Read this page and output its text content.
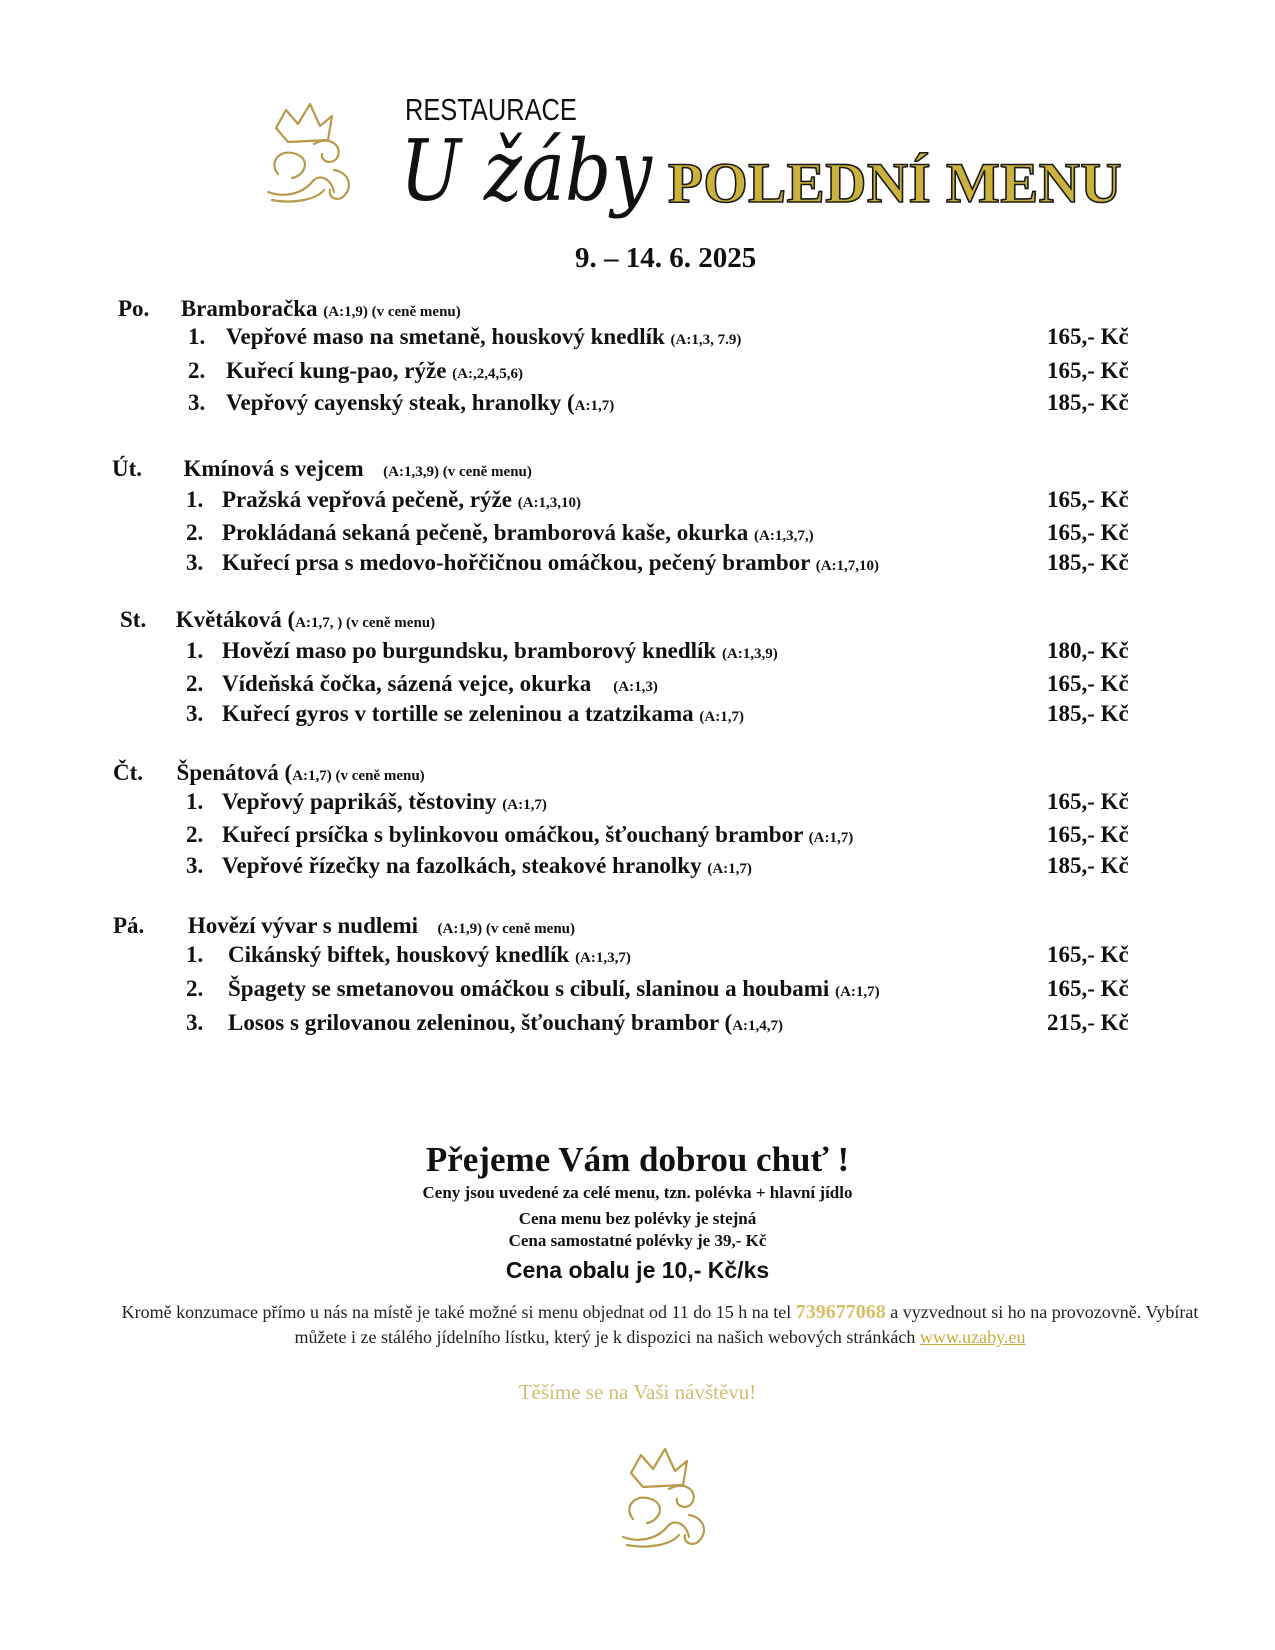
RESTAURACE
U žáby POLEDNÍ MENU
9. – 14. 6. 2025
Po. Bramboračka (A:1,9) (v ceně menu)
1. Vepřové maso na smetaně, houskový knedlík (A:1,3, 7.9)	165,- Kč
2. Kuřecí kung-pao, rýže (A:,2,4,5,6)	165,- Kč
3. Vepřový cayenský steak, hranolky (A:1,7)	185,- Kč
Út. Kmínová s vejcem (A:1,3,9) (v ceně menu)
1. Pražská vepřová pečeně, rýže (A:1,3,10)	165,- Kč
2. Prokládaná sekaná pečeně, bramborová kaše, okurka (A:1,3,7,)	165,- Kč
3. Kuřecí prsa s medovo-hořčičnou omáčkou, pečený brambor (A:1,7,10)	185,- Kč
St. Květáková (A:1,7, ) (v ceně menu)
1. Hovězí maso po burgundsku, bramborový knedlík (A:1,3,9)	180,- Kč
2. Vídeňská čočka, sázená vejce, okurka (A:1,3)	165,- Kč
3. Kuřecí gyros v tortille se zeleninou a tzatzikama (A:1,7)	185,- Kč
Čt. Špenátová (A:1,7) (v ceně menu)
1. Vepřový paprikáš, těstoviny (A:1,7)	165,- Kč
2. Kuřecí prsíčka s bylinkovou omáčkou, šťouchaný brambor (A:1,7)	165,- Kč
3. Vepřové řízečky na fazolkách, steakové hranolky (A:1,7)	185,- Kč
Pá. Hovězí vývar s nudlemi (A:1,9) (v ceně menu)
1. Cikánský biftek, houskový knedlík (A:1,3,7)	165,- Kč
2. Špagety se smetanovou omáčkou s cibulí, slaninou a houbami (A:1,7)	165,- Kč
3. Losos s grilovanou zeleninou, šťouchaný brambor (A:1,4,7)	215,- Kč
Přejeme Vám dobrou chuť !
Ceny jsou uvedené za celé menu, tzn. polévka + hlavní jídlo
Cena menu bez polévky je stejná
Cena samostatné polévky je 39,- Kč
Cena obalu je 10,- Kč/ks
Kromě konzumace přímo u nás na místě je také možné si menu objednat od 11 do 15 h na tel 739677068 a vyzvednout si ho na provozovně. Vybírat můžete i ze stálého jídelního lístku, který je k dispozici na našich webových stránkách www.uzaby.eu
Těšíme se na Vaši návštěvu!
